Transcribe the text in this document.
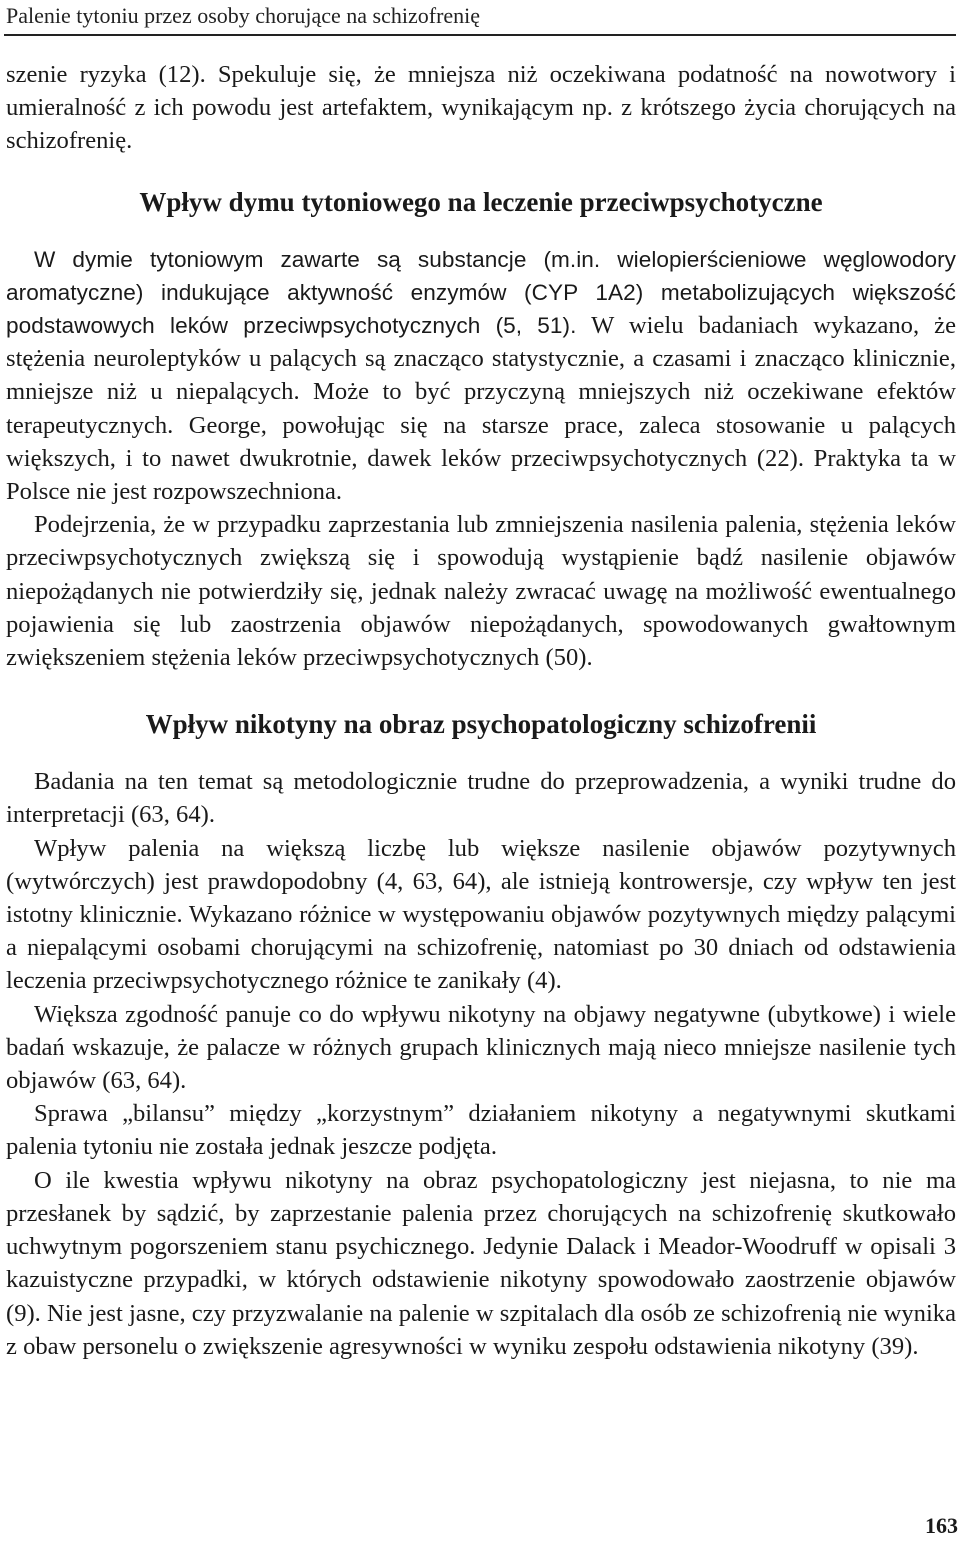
Palenie tytoniu przez osoby chorujące na schizofrenię

szenie ryzyka (12). Spekuluje się, że mniejsza niż oczekiwana podatność na nowotwory i umieralność z ich powodu jest artefaktem, wynikającym np. z krótszego życia chorujących na schizofrenię.

Wpływ dymu tytoniowego na leczenie przeciwpsychotyczne

W dymie tytoniowym zawarte są substancje (m.in. wielopierścieniowe węglowodory aromatyczne) indukujące aktywność enzymów (CYP 1A2) metabolizujących większość podstawowych leków przeciwpsychotycznych (5, 51). W wielu badaniach wykazano, że stężenia neuroleptyków u palących są znacząco statystycznie, a czasami i znacząco klinicznie, mniejsze niż u niepalących. Może to być przyczyną mniejszych niż oczekiwane efektów terapeutycznych. George, powołując się na starsze prace, zaleca stosowanie u palących większych, i to nawet dwukrotnie, dawek leków przeciwpsychotycznych (22). Praktyka ta w Polsce nie jest rozpowszechniona.

Podejrzenia, że w przypadku zaprzestania lub zmniejszenia nasilenia palenia, stężenia leków przeciwpsychotycznych zwiększą się i spowodują wystąpienie bądź nasilenie objawów niepożądanych nie potwierdziły się, jednak należy zwracać uwagę na możliwość ewentualnego pojawienia się lub zaostrzenia objawów niepożądanych, spowodowanych gwałtownym zwiększeniem stężenia leków przeciwpsychotycznych (50).

Wpływ nikotyny na obraz psychopatologiczny schizofrenii

Badania na ten temat są metodologicznie trudne do przeprowadzenia, a wyniki trudne do interpretacji (63, 64).

Wpływ palenia na większą liczbę lub większe nasilenie objawów pozytywnych (wytwórczych) jest prawdopodobny (4, 63, 64), ale istnieją kontrowersje, czy wpływ ten jest istotny klinicznie. Wykazano różnice w występowaniu objawów pozytywnych między palącymi a niepalącymi osobami chorującymi na schizofrenię, natomiast po 30 dniach od odstawienia leczenia przeciwpsychotycznego różnice te zanikały (4).

Większa zgodność panuje co do wpływu nikotyny na objawy negatywne (ubytkowe) i wiele badań wskazuje, że palacze w różnych grupach klinicznych mają nieco mniejsze nasilenie tych objawów (63, 64).

Sprawa „bilansu” między „korzystnym” działaniem nikotyny a negatywnymi skutkami palenia tytoniu nie została jednak jeszcze podjęta.

O ile kwestia wpływu nikotyny na obraz psychopatologiczny jest niejasna, to nie ma przesłanek by sądzić, by zaprzestanie palenia przez chorujących na schizofrenię skutkowało uchwytnym pogorszeniem stanu psychicznego. Jedynie Dalack i Meador-Woodruff w opisali 3 kazuistyczne przypadki, w których odstawienie nikotyny spowodowało zaostrzenie objawów (9). Nie jest jasne, czy przyzwalanie na palenie w szpitalach dla osób ze schizofrenią nie wynika z obaw personelu o zwiększenie agresywności w wyniku zespołu odstawienia nikotyny (39).

163
